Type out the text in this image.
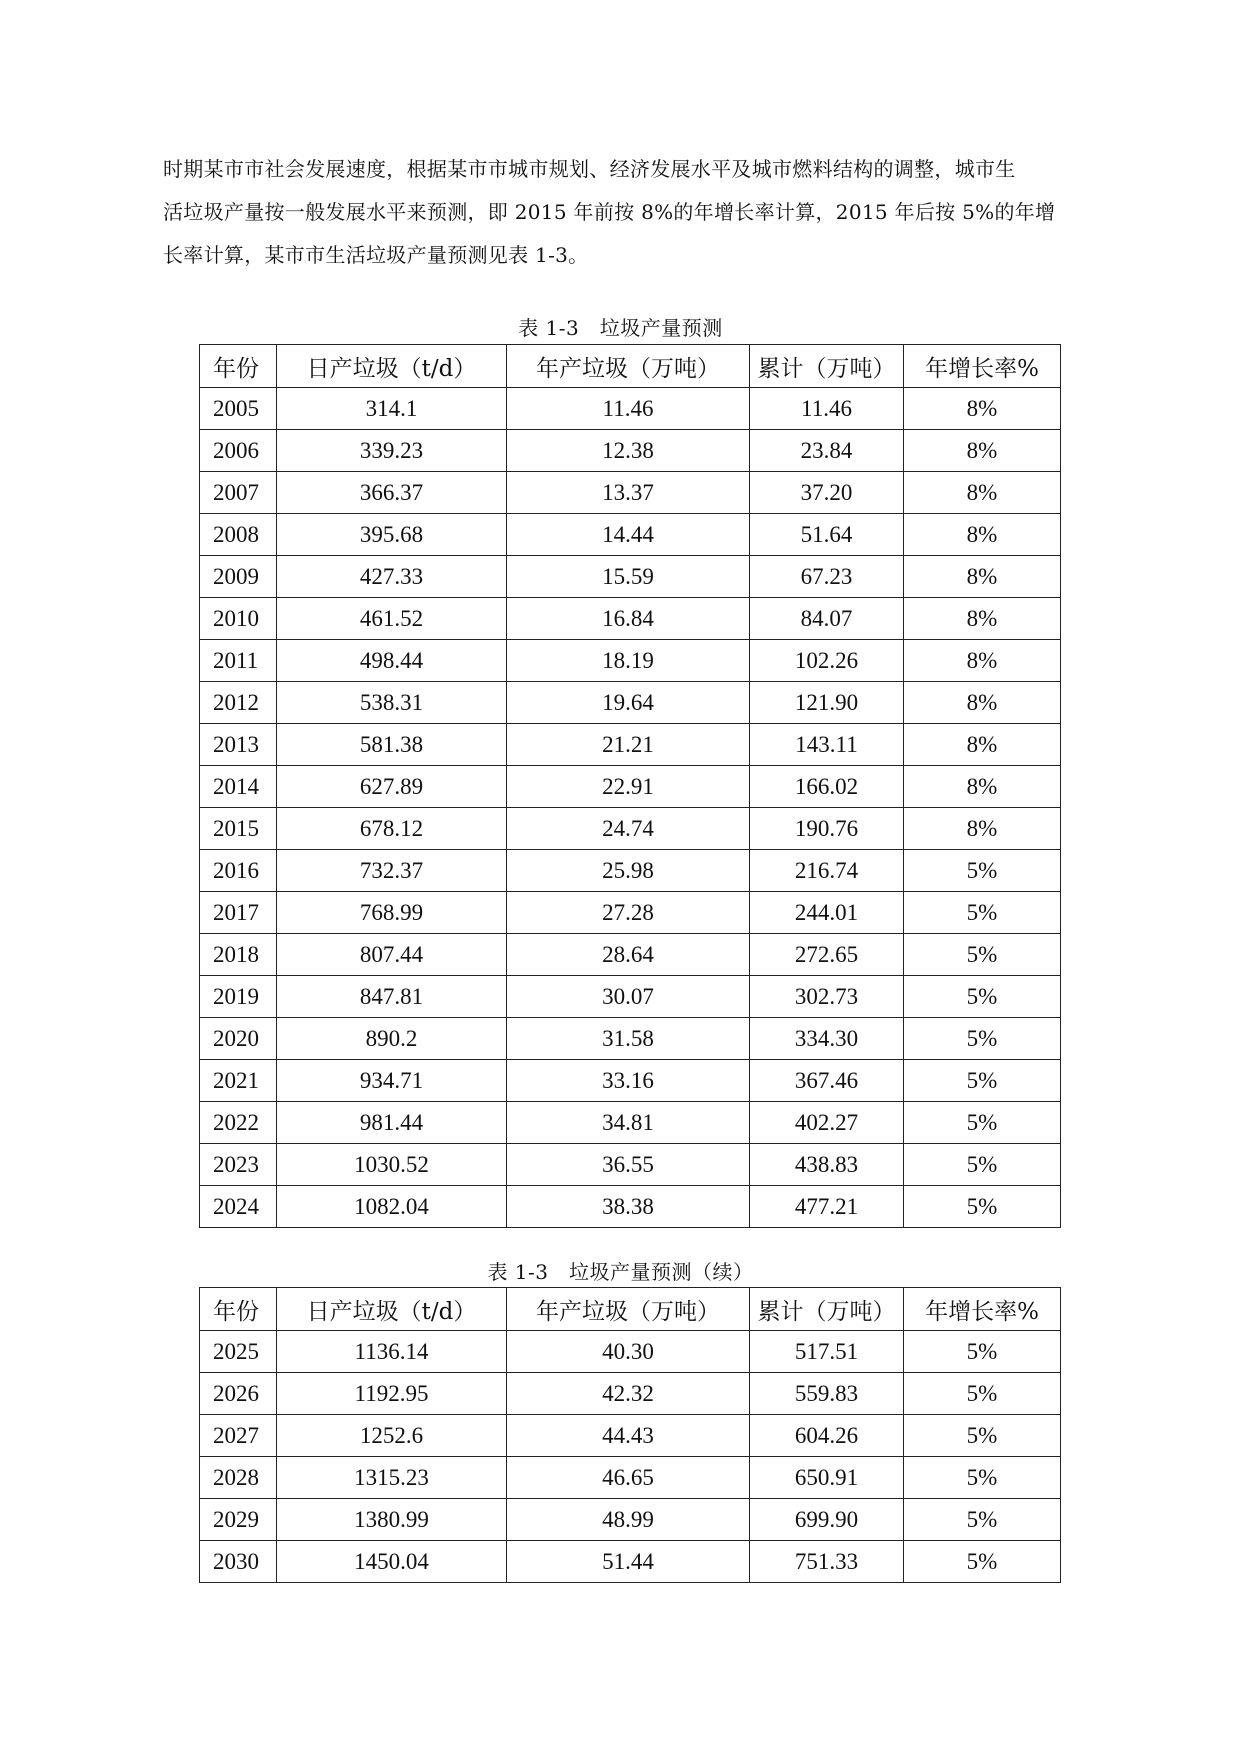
时期某市市社会发展速度，根据某市市城市规划、经济发展水平及城市燃料结构的调整，城市生
活垃圾产量按一般发展水平来预测，即 2015 年前按 8%的年增长率计算，2015 年后按 5%的年增
长率计算，某市市生活垃圾产量预测见表 1-3。

表 1-3　垃圾产量预测
年份	日产垃圾（t/d）	年产垃圾（万吨）	累计（万吨）	年增长率%
2005	314.1	11.46	11.46	8%
2006	339.23	12.38	23.84	8%
2007	366.37	13.37	37.20	8%
2008	395.68	14.44	51.64	8%
2009	427.33	15.59	67.23	8%
2010	461.52	16.84	84.07	8%
2011	498.44	18.19	102.26	8%
2012	538.31	19.64	121.90	8%
2013	581.38	21.21	143.11	8%
2014	627.89	22.91	166.02	8%
2015	678.12	24.74	190.76	8%
2016	732.37	25.98	216.74	5%
2017	768.99	27.28	244.01	5%
2018	807.44	28.64	272.65	5%
2019	847.81	30.07	302.73	5%
2020	890.2	31.58	334.30	5%
2021	934.71	33.16	367.46	5%
2022	981.44	34.81	402.27	5%
2023	1030.52	36.55	438.83	5%
2024	1082.04	38.38	477.21	5%
表 1-3　垃圾产量预测（续）
年份	日产垃圾（t/d）	年产垃圾（万吨）	累计（万吨）	年增长率%
2025	1136.14	40.30	517.51	5%
2026	1192.95	42.32	559.83	5%
2027	1252.6	44.43	604.26	5%
2028	1315.23	46.65	650.91	5%
2029	1380.99	48.99	699.90	5%
2030	1450.04	51.44	751.33	5%
